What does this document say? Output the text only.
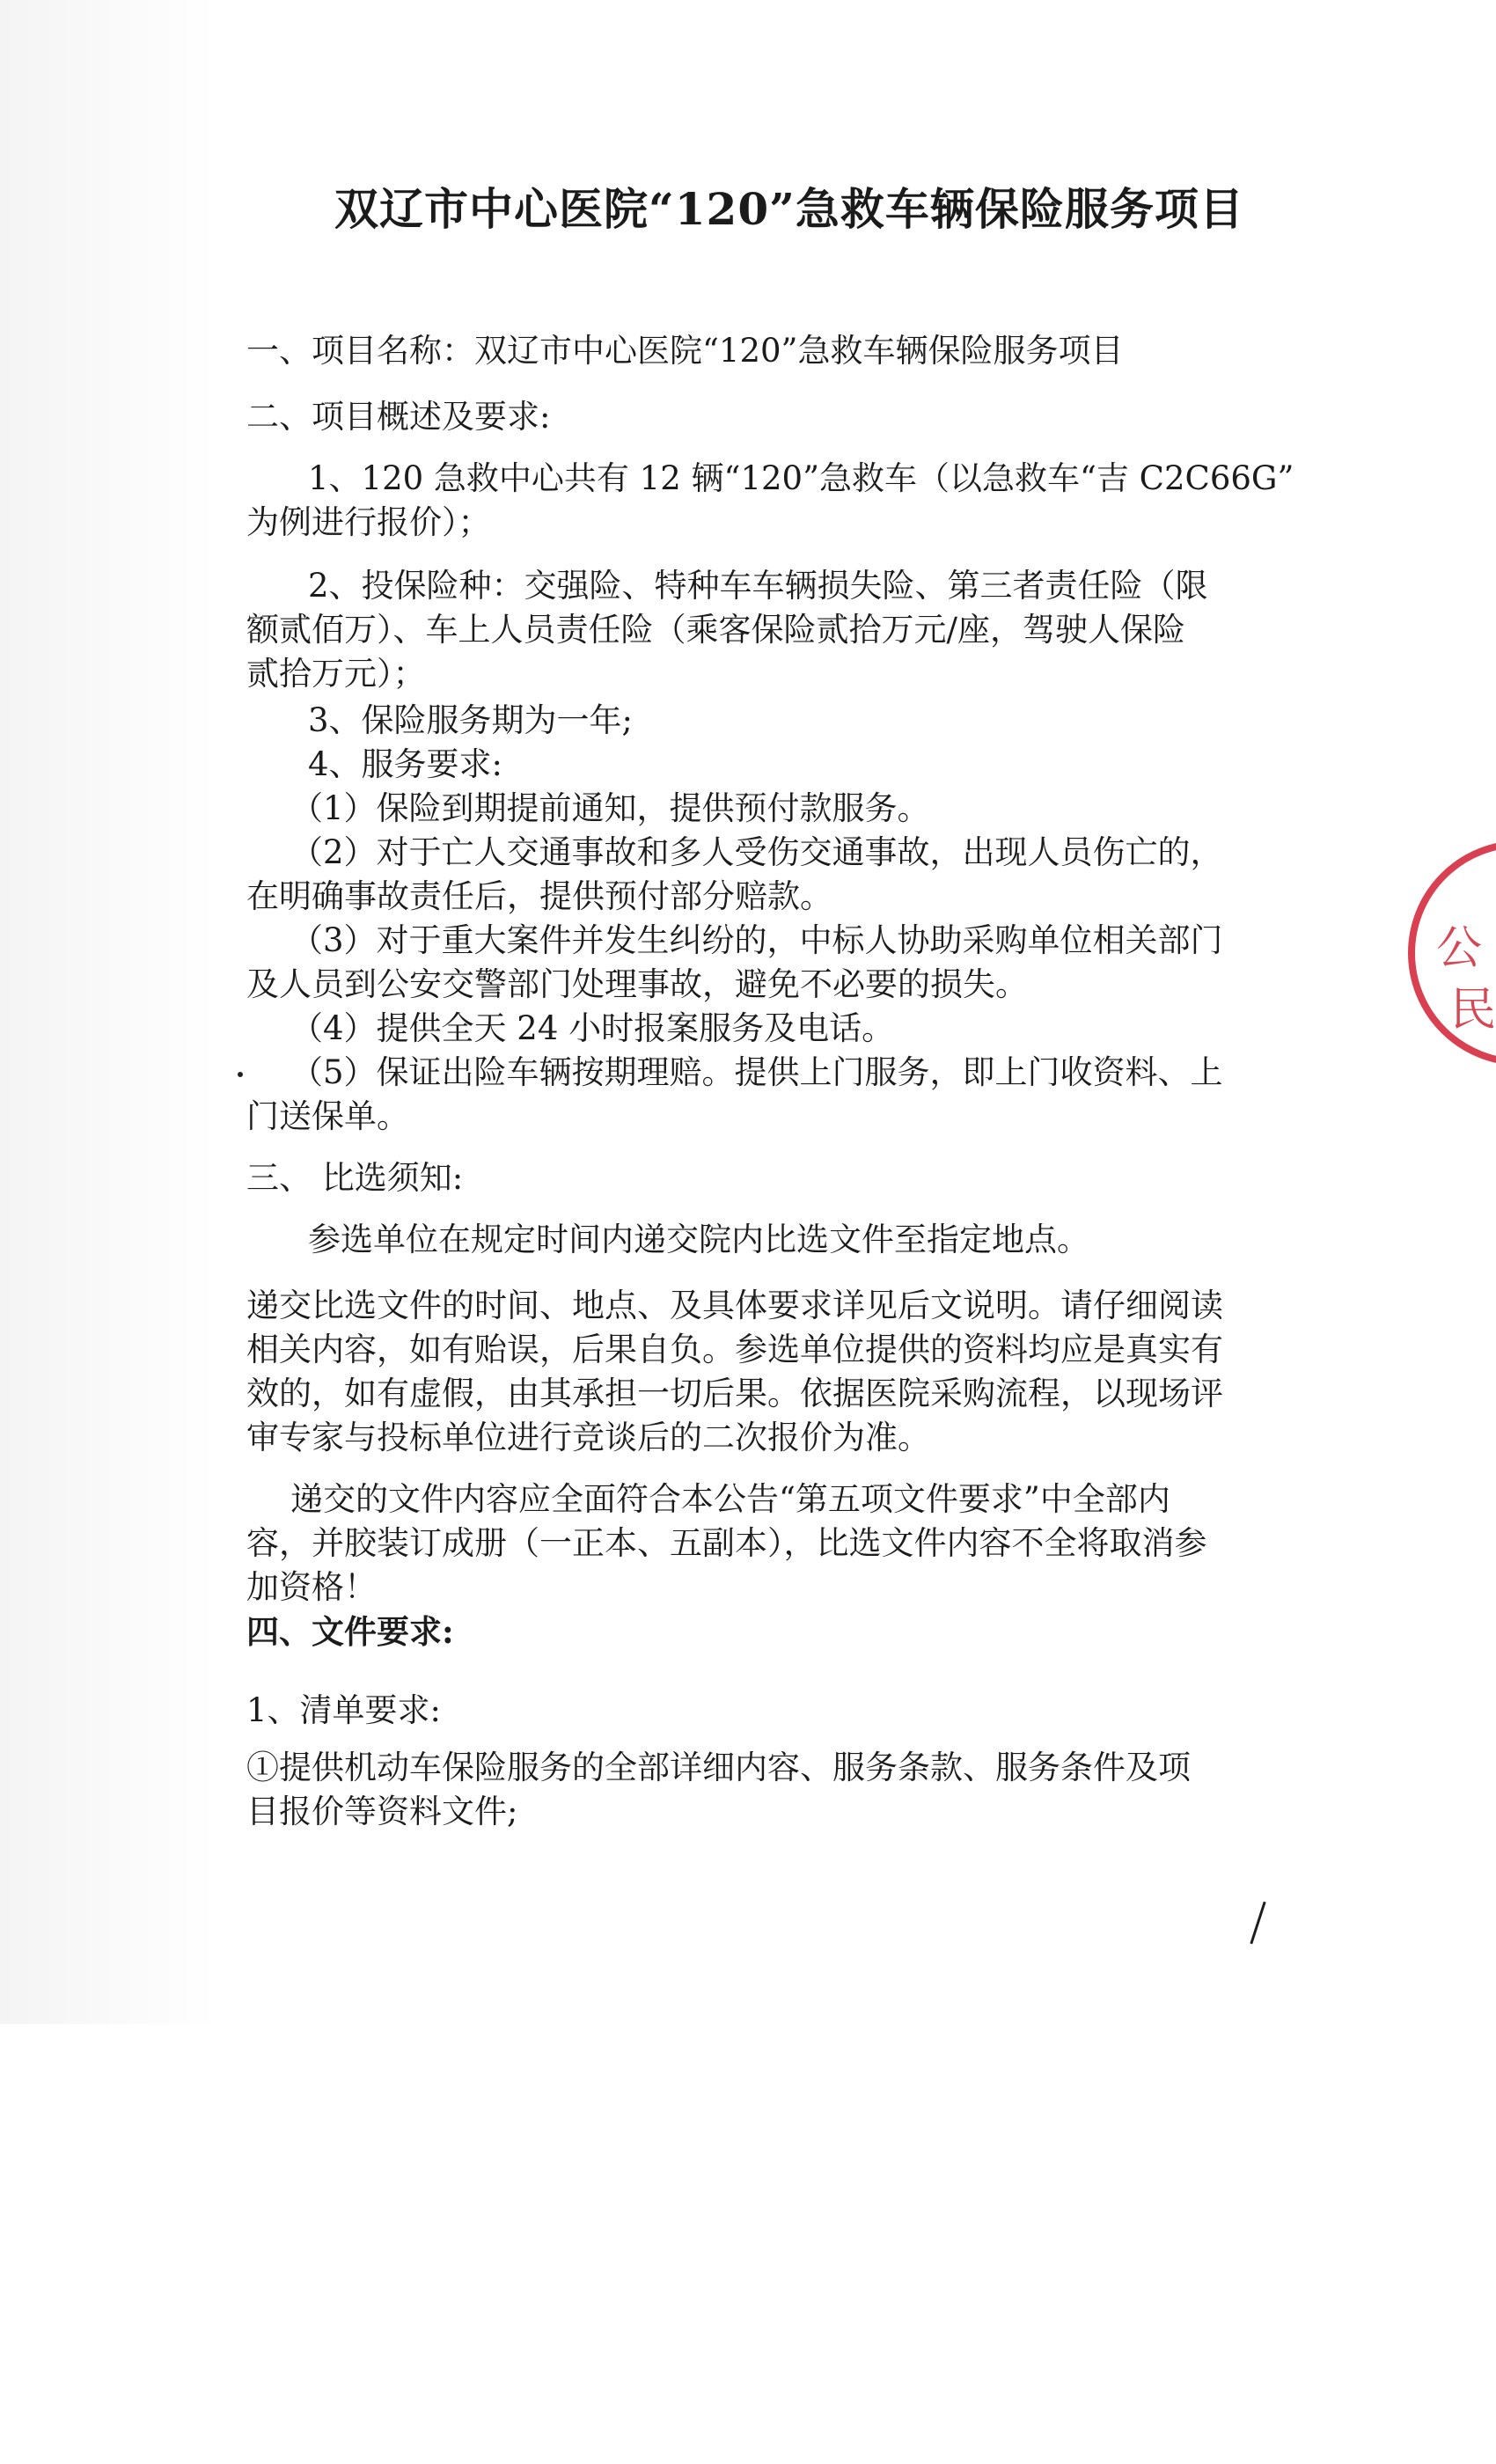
双辽市中心医院“120”急救车辆保险服务项目
一、项目名称：双辽市中心医院“120”急救车辆保险服务项目
二、项目概述及要求:
1、120 急救中心共有 12 辆“120”急救车（以急救车“吉 C2C66G”
为例进行报价）；
2、投保险种：交强险、特种车车辆损失险、第三者责任险（限
额贰佰万）、车上人员责任险（乘客保险贰拾万元/座，驾驶人保险
贰拾万元）；
3、保险服务期为一年;
4、服务要求:
（1）保险到期提前通知，提供预付款服务。
（2）对于亡人交通事故和多人受伤交通事故，出现人员伤亡的，
在明确事故责任后，提供预付部分赔款。
（3）对于重大案件并发生纠纷的，中标人协助采购单位相关部门
及人员到公安交警部门处理事故，避免不必要的损失。
（4）提供全天 24 小时报案服务及电话。
（5）保证出险车辆按期理赔。提供上门服务，即上门收资料、上
门送保单。
三、 比选须知:
参选单位在规定时间内递交院内比选文件至指定地点。
递交比选文件的时间、地点、及具体要求详见后文说明。请仔细阅读
相关内容，如有贻误，后果自负。参选单位提供的资料均应是真实有
效的，如有虚假，由其承担一切后果。依据医院采购流程，以现场评
审专家与投标单位进行竞谈后的二次报价为准。
递交的文件内容应全面符合本公告“第五项文件要求”中全部内
容，并胶装订成册（一正本、五副本），比选文件内容不全将取消参
加资格！
四、文件要求:
1、清单要求:
①提供机动车保险服务的全部详细内容、服务条款、服务条件及项
目报价等资料文件;
公
民
